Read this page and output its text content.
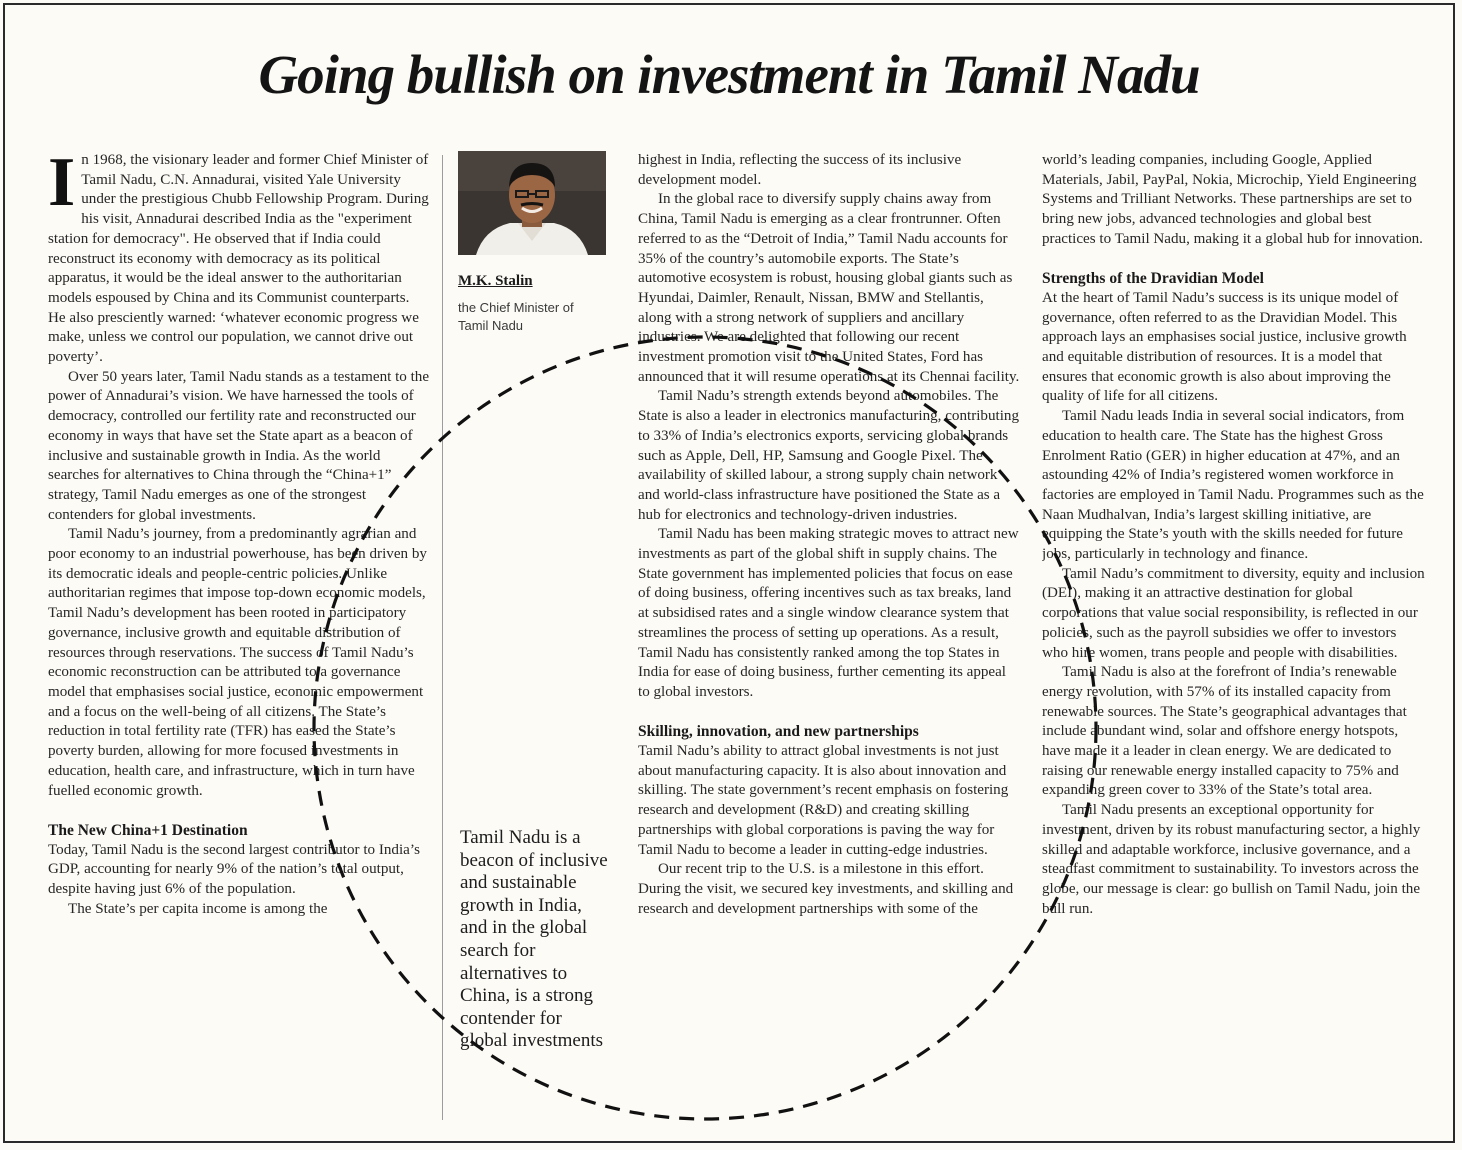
Going bullish on investment in Tamil Nadu

In 1968, the visionary leader and former Chief Minister of Tamil Nadu, C.N. Annadurai, visited Yale University under the prestigious Chubb Fellowship Program. During his visit, Annadurai described India as the "experiment station for democracy". He observed that if India could reconstruct its economy with democracy as its political apparatus, it would be the ideal answer to the authoritarian models espoused by China and its Communist counterparts. He also presciently warned: ‘whatever economic progress we make, unless we control our population, we cannot drive out poverty’.

Over 50 years later, Tamil Nadu stands as a testament to the power of Annadurai’s vision. We have harnessed the tools of democracy, controlled our fertility rate and reconstructed our economy in ways that have set the State apart as a beacon of inclusive and sustainable growth in India. As the world searches for alternatives to China through the “China+1” strategy, Tamil Nadu emerges as one of the strongest contenders for global investments.

Tamil Nadu’s journey, from a predominantly agrarian and poor economy to an industrial powerhouse, has been driven by its democratic ideals and people-centric policies. Unlike authoritarian regimes that impose top-down economic models, Tamil Nadu’s development has been rooted in participatory governance, inclusive growth and equitable distribution of resources through reservations. The success of Tamil Nadu’s economic reconstruction can be attributed to a governance model that emphasises social justice, economic empowerment and a focus on the well-being of all citizens. The State’s reduction in total fertility rate (TFR) has eased the State’s poverty burden, allowing for more focused investments in education, health care, and infrastructure, which in turn have fuelled economic growth.

The New China+1 Destination

Today, Tamil Nadu is the second largest contributor to India’s GDP, accounting for nearly 9% of the nation’s total output, despite having just 6% of the population.

The State’s per capita income is among the

M.K. Stalin
the Chief Minister of Tamil Nadu
Tamil Nadu is a beacon of inclusive and sustainable growth in India, and in the global search for alternatives to China, is a strong contender for global investments

highest in India, reflecting the success of its inclusive development model.

In the global race to diversify supply chains away from China, Tamil Nadu is emerging as a clear frontrunner. Often referred to as the “Detroit of India,” Tamil Nadu accounts for 35% of the country’s automobile exports. The State’s automotive ecosystem is robust, housing global giants such as Hyundai, Daimler, Renault, Nissan, BMW and Stellantis, along with a strong network of suppliers and ancillary industries. We are delighted that following our recent investment promotion visit to the United States, Ford has announced that it will resume operations at its Chennai facility.

Tamil Nadu’s strength extends beyond automobiles. The State is also a leader in electronics manufacturing, contributing to 33% of India’s electronics exports, servicing global brands such as Apple, Dell, HP, Samsung and Google Pixel. The availability of skilled labour, a strong supply chain network and world-class infrastructure have positioned the State as a hub for electronics and technology-driven industries.

Tamil Nadu has been making strategic moves to attract new investments as part of the global shift in supply chains. The State government has implemented policies that focus on ease of doing business, offering incentives such as tax breaks, land at subsidised rates and a single window clearance system that streamlines the process of setting up operations. As a result, Tamil Nadu has consistently ranked among the top States in India for ease of doing business, further cementing its appeal to global investors.

Skilling, innovation, and new partnerships

Tamil Nadu’s ability to attract global investments is not just about manufacturing capacity. It is also about innovation and skilling. The state government’s recent emphasis on fostering research and development (R&D) and creating skilling partnerships with global corporations is paving the way for Tamil Nadu to become a leader in cutting-edge industries.

Our recent trip to the U.S. is a milestone in this effort. During the visit, we secured key investments, and skilling and research and development partnerships with some of the

world’s leading companies, including Google, Applied Materials, Jabil, PayPal, Nokia, Microchip, Yield Engineering Systems and Trilliant Networks. These partnerships are set to bring new jobs, advanced technologies and global best practices to Tamil Nadu, making it a global hub for innovation.

Strengths of the Dravidian Model

At the heart of Tamil Nadu’s success is its unique model of governance, often referred to as the Dravidian Model. This approach lays an emphasises social justice, inclusive growth and equitable distribution of resources. It is a model that ensures that economic growth is also about improving the quality of life for all citizens.

Tamil Nadu leads India in several social indicators, from education to health care. The State has the highest Gross Enrolment Ratio (GER) in higher education at 47%, and an astounding 42% of India’s registered women workforce in factories are employed in Tamil Nadu. Programmes such as the Naan Mudhalvan, India’s largest skilling initiative, are equipping the State’s youth with the skills needed for future jobs, particularly in technology and finance.

Tamil Nadu’s commitment to diversity, equity and inclusion (DEI), making it an attractive destination for global corporations that value social responsibility, is reflected in our policies, such as the payroll subsidies we offer to investors who hire women, trans people and people with disabilities.

Tamil Nadu is also at the forefront of India’s renewable energy revolution, with 57% of its installed capacity from renewable sources. The State’s geographical advantages that include abundant wind, solar and offshore energy hotspots, have made it a leader in clean energy. We are dedicated to raising our renewable energy installed capacity to 75% and expanding green cover to 33% of the State’s total area.

Tamil Nadu presents an exceptional opportunity for investment, driven by its robust manufacturing sector, a highly skilled and adaptable workforce, inclusive governance, and a steadfast commitment to sustainability. To investors across the globe, our message is clear: go bullish on Tamil Nadu, join the bull run.
